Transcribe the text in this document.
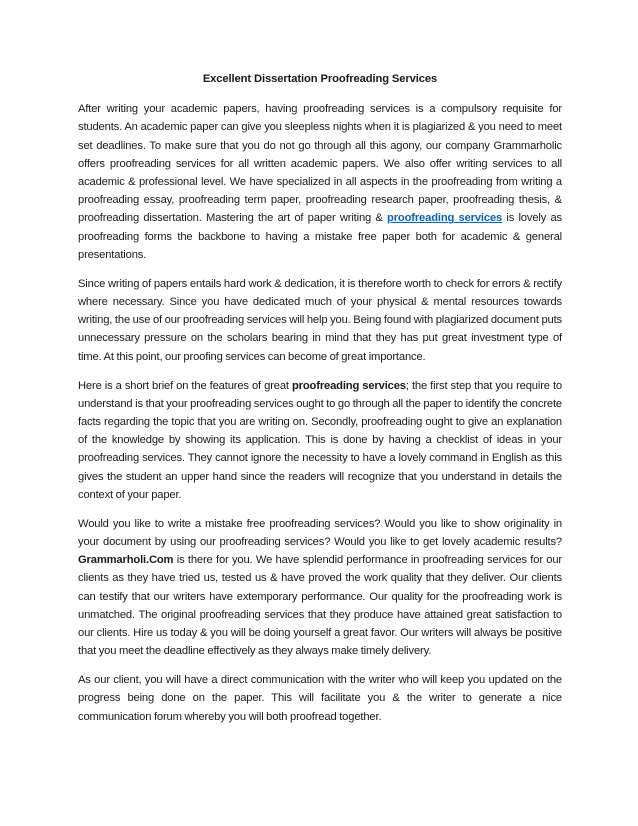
Excellent Dissertation Proofreading Services

After writing your academic papers, having proofreading services is a compulsory requisite for students. An academic paper can give you sleepless nights when it is plagiarized & you need to meet set deadlines. To make sure that you do not go through all this agony, our company Grammarholic offers proofreading services for all written academic papers. We also offer writing services to all academic & professional level. We have specialized in all aspects in the proofreading from writing a proofreading essay, proofreading term paper, proofreading research paper, proofreading thesis, & proofreading dissertation. Mastering the art of paper writing & proofreading services is lovely as proofreading forms the backbone to having a mistake free paper both for academic & general presentations.

Since writing of papers entails hard work & dedication, it is therefore worth to check for errors & rectify where necessary. Since you have dedicated much of your physical & mental resources towards writing, the use of our proofreading services will help you. Being found with plagiarized document puts unnecessary pressure on the scholars bearing in mind that they has put great investment type of time. At this point, our proofing services can become of great importance.

Here is a short brief on the features of great proofreading services; the first step that you require to understand is that your proofreading services ought to go through all the paper to identify the concrete facts regarding the topic that you are writing on. Secondly, proofreading ought to give an explanation of the knowledge by showing its application. This is done by having a checklist of ideas in your proofreading services. They cannot ignore the necessity to have a lovely command in English as this gives the student an upper hand since the readers will recognize that you understand in details the context of your paper.

Would you like to write a mistake free proofreading services? Would you like to show originality in your document by using our proofreading services? Would you like to get lovely academic results? Grammarholi.Com is there for you. We have splendid performance in proofreading services for our clients as they have tried us, tested us & have proved the work quality that they deliver. Our clients can testify that our writers have extemporary performance. Our quality for the proofreading work is unmatched. The original proofreading services that they produce have attained great satisfaction to our clients. Hire us today & you will be doing yourself a great favor. Our writers will always be positive that you meet the deadline effectively as they always make timely delivery.

As our client, you will have a direct communication with the writer who will keep you updated on the progress being done on the paper. This will facilitate you & the writer to generate a nice communication forum whereby you will both proofread together.
